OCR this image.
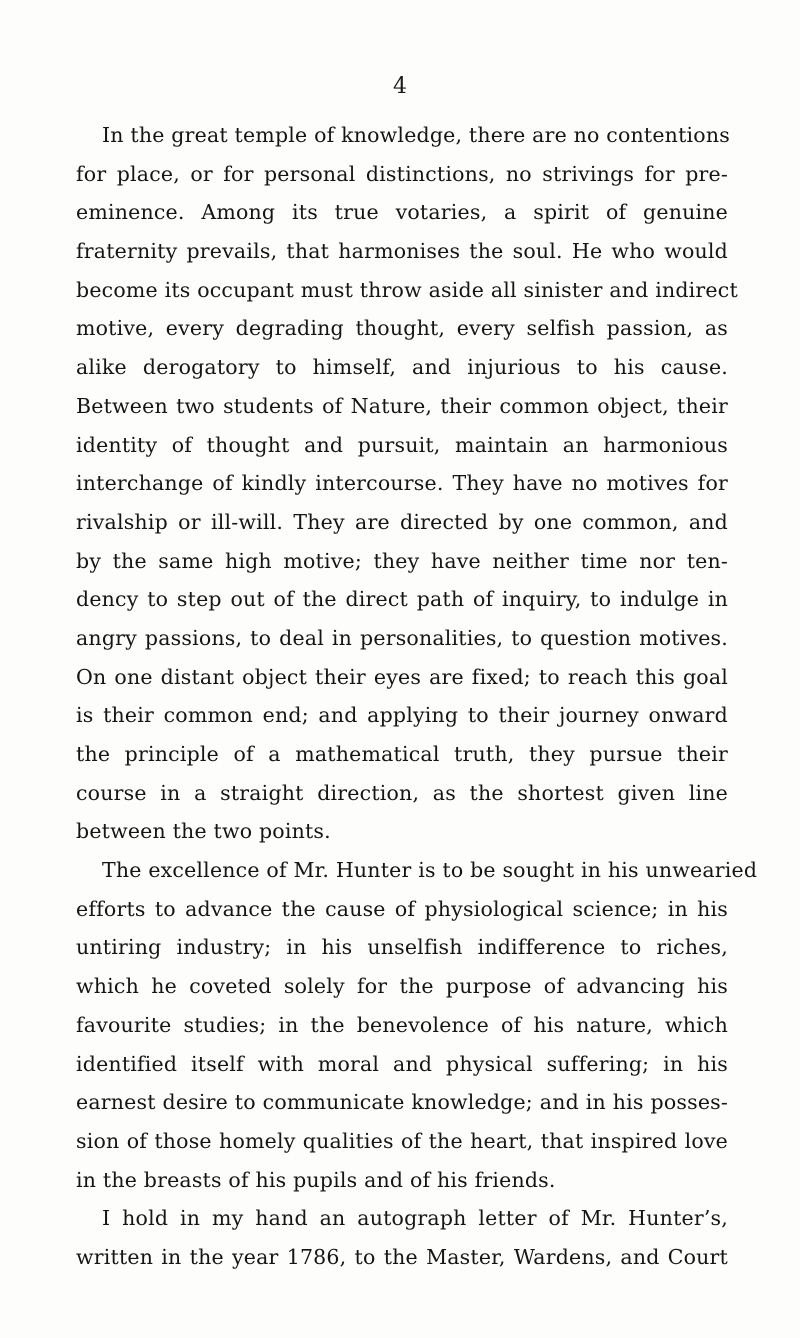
4
In the great temple of knowledge, there are no contentions
for place, or for personal distinctions, no strivings for pre-
eminence. Among its true votaries, a spirit of genuine
fraternity prevails, that harmonises the soul. He who would
become its occupant must throw aside all sinister and indirect
motive, every degrading thought, every selfish passion, as
alike derogatory to himself, and injurious to his cause.
Between two students of Nature, their common object, their
identity of thought and pursuit, maintain an harmonious
interchange of kindly intercourse. They have no motives for
rivalship or ill-will. They are directed by one common, and
by the same high motive; they have neither time nor ten-
dency to step out of the direct path of inquiry, to indulge in
angry passions, to deal in personalities, to question motives.
On one distant object their eyes are fixed; to reach this goal
is their common end; and applying to their journey onward
the principle of a mathematical truth, they pursue their
course in a straight direction, as the shortest given line
between the two points.
The excellence of Mr. Hunter is to be sought in his unwearied
efforts to advance the cause of physiological science; in his
untiring industry; in his unselfish indifference to riches,
which he coveted solely for the purpose of advancing his
favourite studies; in the benevolence of his nature, which
identified itself with moral and physical suffering; in his
earnest desire to communicate knowledge; and in his posses-
sion of those homely qualities of the heart, that inspired love
in the breasts of his pupils and of his friends.
I hold in my hand an autograph letter of Mr. Hunter’s,
written in the year 1786, to the Master, Wardens, and Court
